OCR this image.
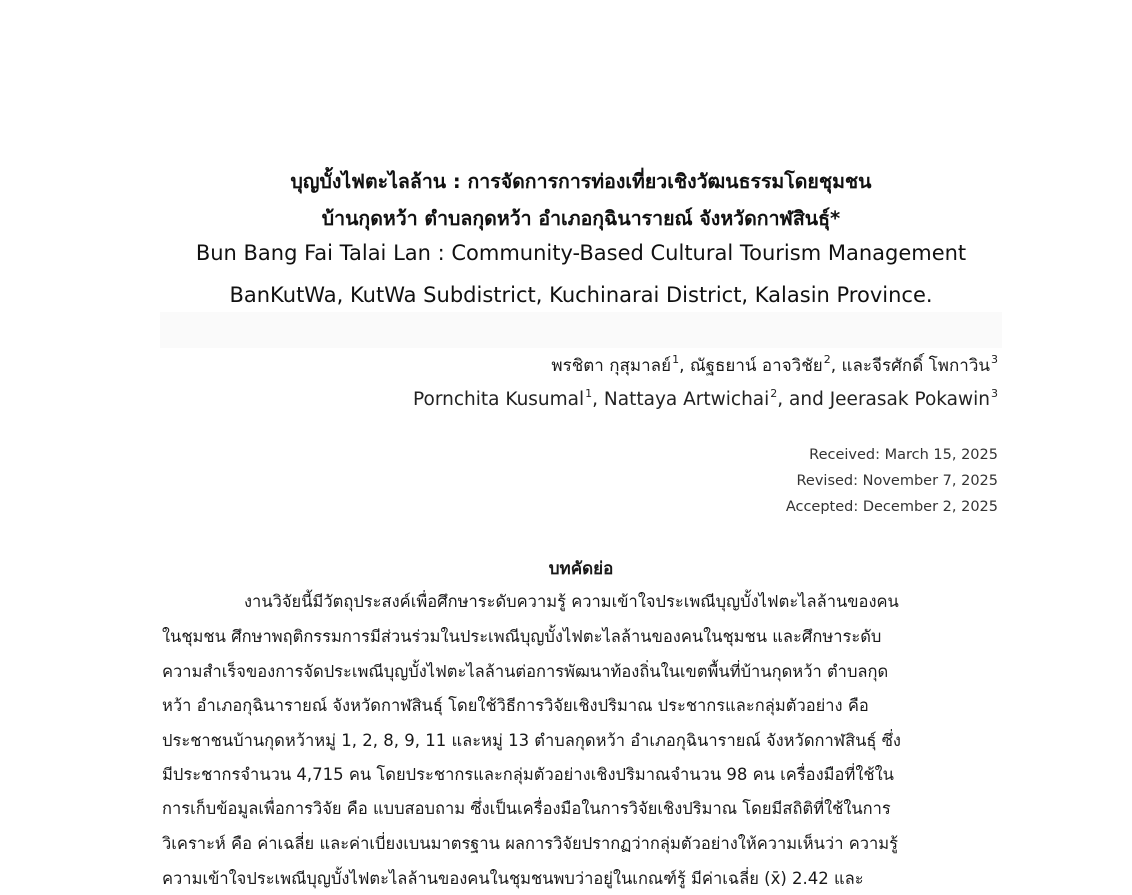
บุญบั้งไฟตะไลล้าน : การจัดการการท่องเที่ยวเชิงวัฒนธรรมโดยชุมชน
บ้านกุดหว้า ตำบลกุดหว้า อำเภอกุฉินารายณ์ จังหวัดกาฬสินธุ์*
Bun Bang Fai Talai Lan : Community-Based Cultural Tourism Management
BanKutWa, KutWa Subdistrict, Kuchinarai District, Kalasin Province.
พรชิตา กุสุมาลย์$^1$, ณัฐธยาน์ อาจวิชัย$^2$, และจีรศักดิ์ โพกาวิน$^3$
Pornchita Kusumal$^1$, Nattaya Artwichai$^2$, and Jeerasak Pokawin$^3$
Received: March 15, 2025
Revised: November 7, 2025
Accepted: December 2, 2025
บทคัดย่อ
งานวิจัยนี้มีวัตถุประสงค์เพื่อศึกษาระดับความรู้ ความเข้าใจประเพณีบุญบั้งไฟตะไลล้านของคน
ในชุมชน ศึกษาพฤติกรรมการมีส่วนร่วมในประเพณีบุญบั้งไฟตะไลล้านของคนในชุมชน และศึกษาระดับ
ความสำเร็จของการจัดประเพณีบุญบั้งไฟตะไลล้านต่อการพัฒนาท้องถิ่นในเขตพื้นที่บ้านกุดหว้า ตำบลกุด
หว้า อำเภอกุฉินารายณ์ จังหวัดกาฬสินธุ์ โดยใช้วิธีการวิจัยเชิงปริมาณ ประชากรและกลุ่มตัวอย่าง คือ
ประชาชนบ้านกุดหว้าหมู่ 1, 2, 8, 9, 11 และหมู่ 13 ตำบลกุดหว้า อำเภอกุฉินารายณ์ จังหวัดกาฬสินธุ์ ซึ่ง
มีประชากรจำนวน 4,715 คน โดยประชากรและกลุ่มตัวอย่างเชิงปริมาณจำนวน 98 คน เครื่องมือที่ใช้ใน
การเก็บข้อมูลเพื่อการวิจัย คือ แบบสอบถาม ซึ่งเป็นเครื่องมือในการวิจัยเชิงปริมาณ โดยมีสถิติที่ใช้ในการ
วิเคราะห์ คือ ค่าเฉลี่ย และค่าเบี่ยงเบนมาตรฐาน ผลการวิจัยปรากฏว่ากลุ่มตัวอย่างให้ความเห็นว่า ความรู้
ความเข้าใจประเพณีบุญบั้งไฟตะไลล้านของคนในชุมชนพบว่าอยู่ในเกณฑ์รู้ มีค่าเฉลี่ย (x̄) 2.42 และ
